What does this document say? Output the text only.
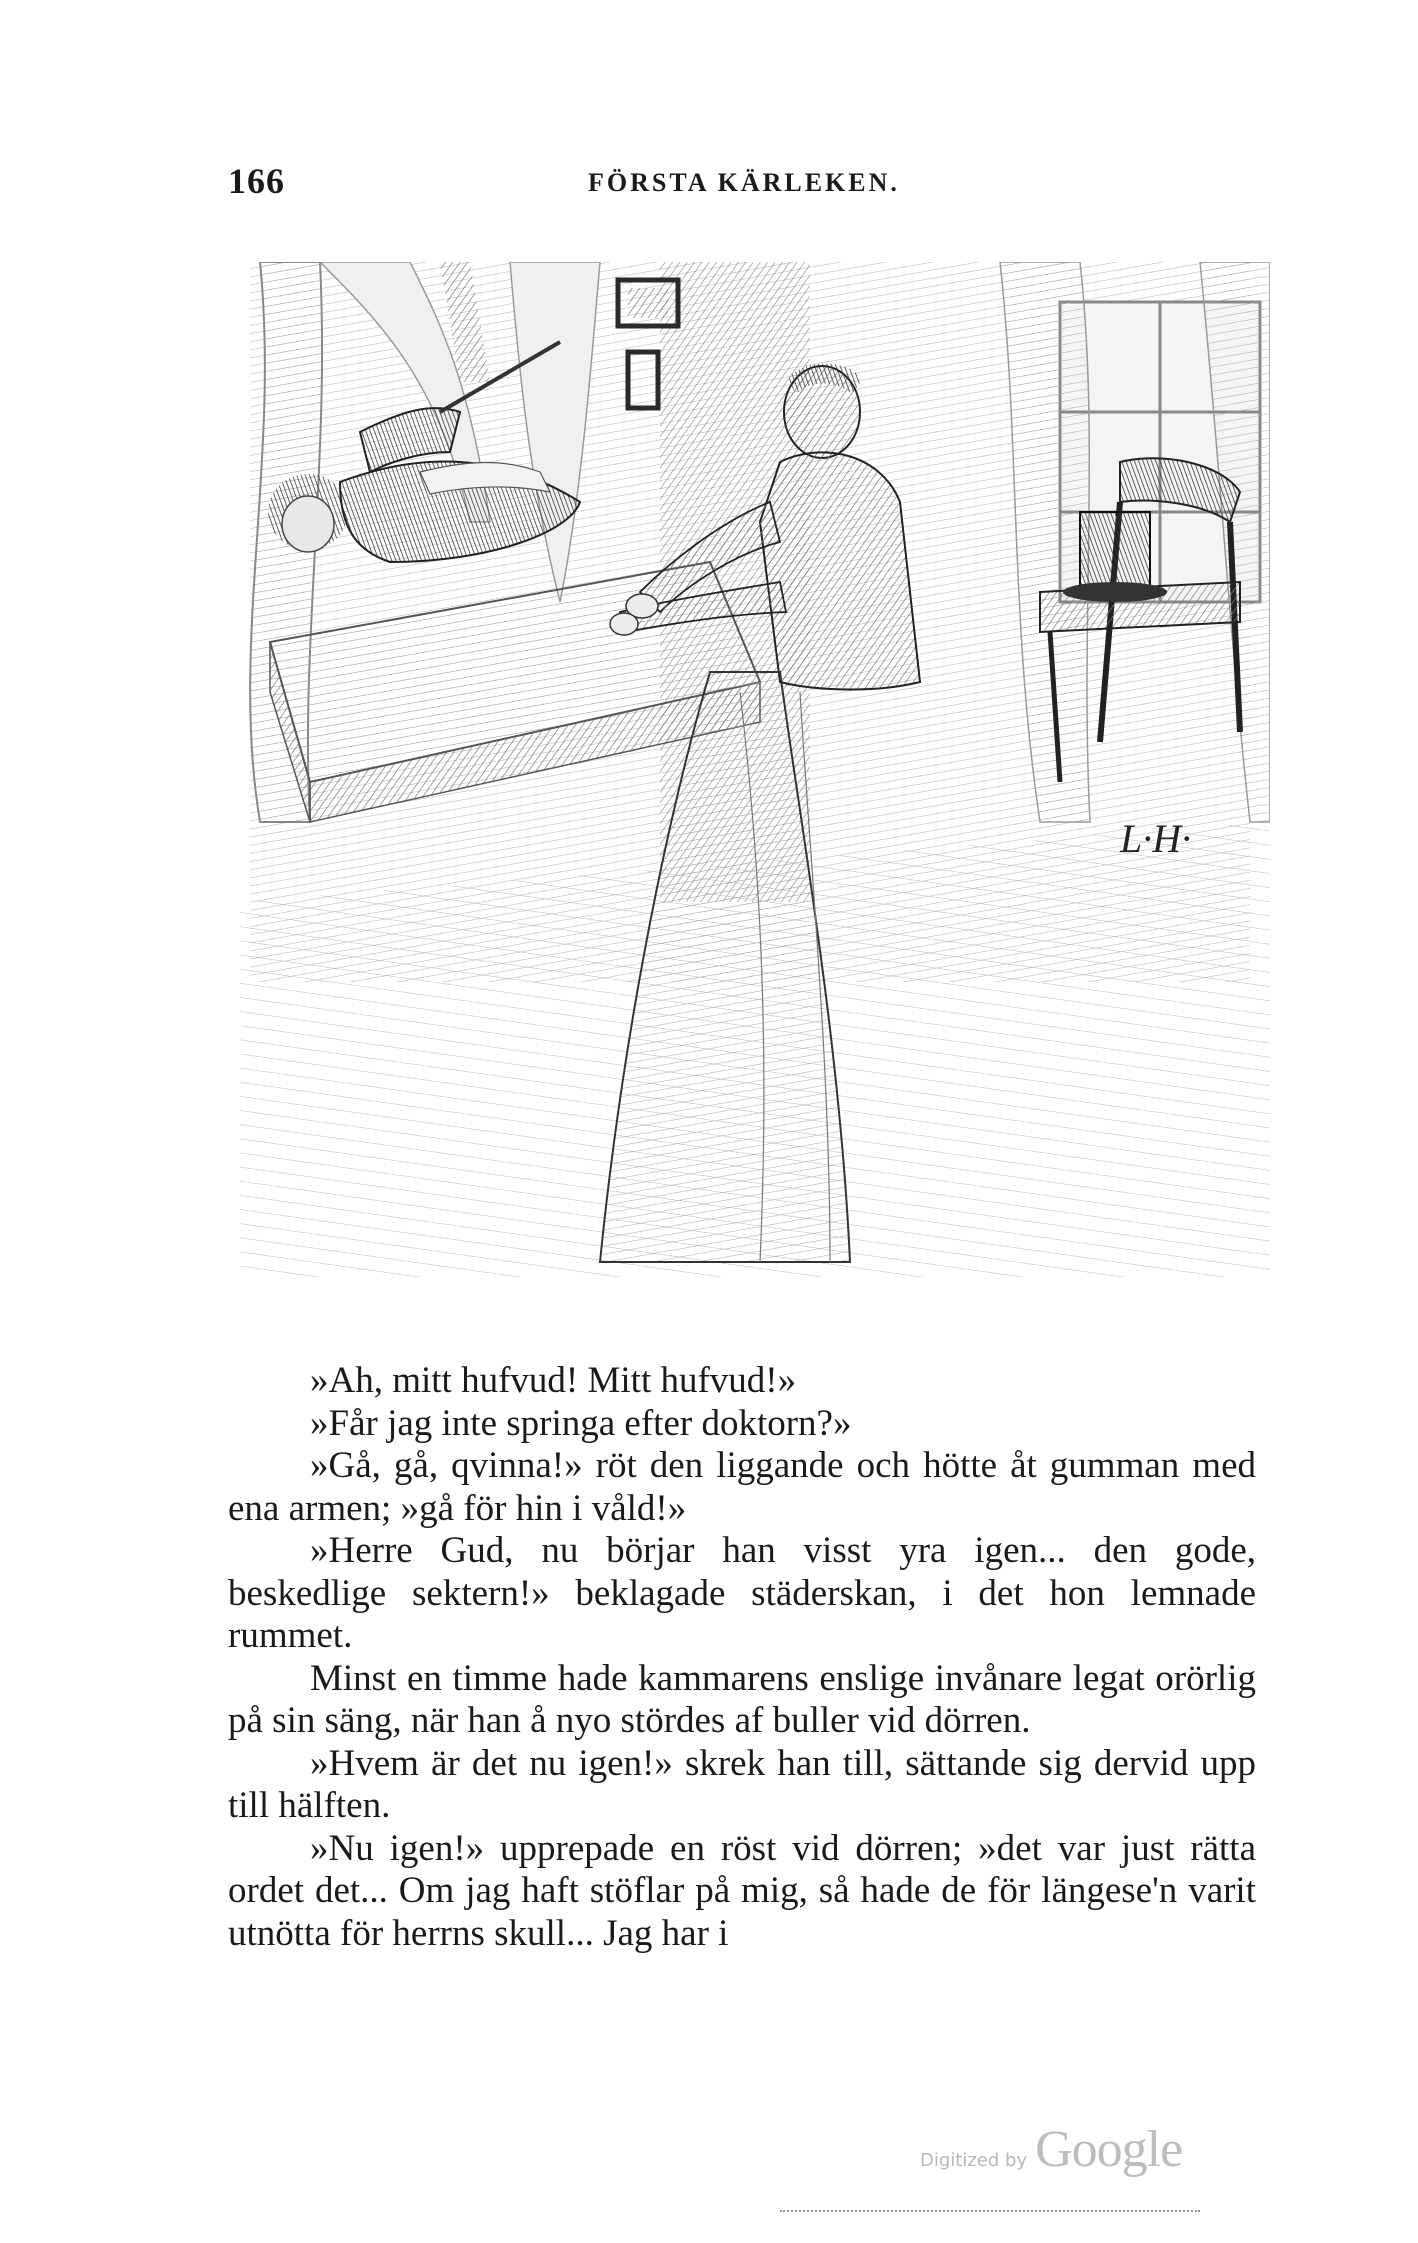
166	FÖRSTA KÄRLEKEN.
L·H·

»Ah, mitt hufvud! Mitt hufvud!»

»Får jag inte springa efter doktorn?»

»Gå, gå, qvinna!» röt den liggande och hötte åt gumman med ena armen; »gå för hin i våld!»

»Herre Gud, nu börjar han visst yra igen... den gode, beskedlige sektern!» beklagade städerskan, i det hon lemnade rummet.

Minst en timme hade kammarens enslige invånare legat orörlig på sin säng, när han å nyo stördes af buller vid dörren.

»Hvem är det nu igen!» skrek han till, sättande sig dervid upp till hälften.

»Nu igen!» upprepade en röst vid dörren; »det var just rätta ordet det... Om jag haft stöflar på mig, så hade de för längese'n varit utnötta för herrns skull... Jag har i

Digitized by Google
